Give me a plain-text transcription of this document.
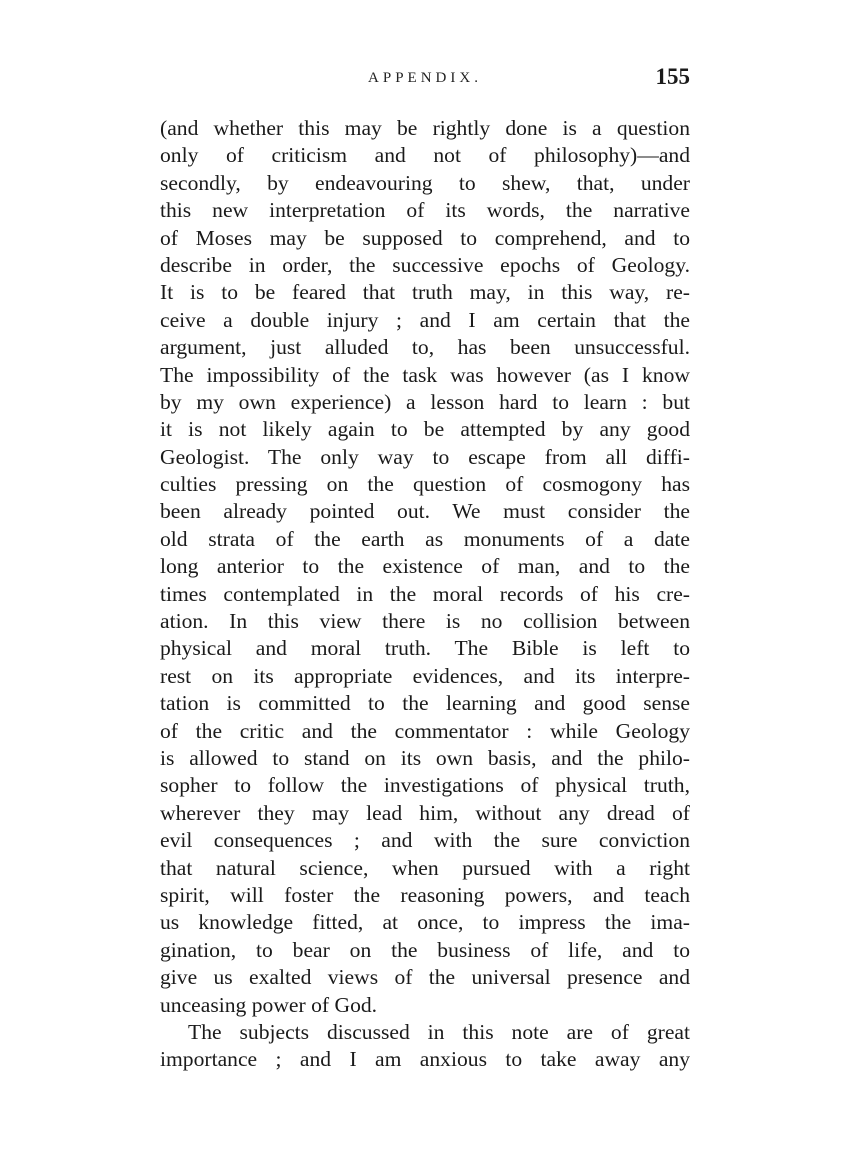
APPENDIX.	155
(and whether this may be rightly done is a question
only of criticism and not of philosophy)—and
secondly, by endeavouring to shew, that, under
this new interpretation of its words, the narrative
of Moses may be supposed to comprehend, and to
describe in order, the successive epochs of Geology.
It is to be feared that truth may, in this way, re-
ceive a double injury ; and I am certain that the
argument, just alluded to, has been unsuccessful.
The impossibility of the task was however (as I know
by my own experience) a lesson hard to learn : but
it is not likely again to be attempted by any good
Geologist. The only way to escape from all diffi-
culties pressing on the question of cosmogony has
been already pointed out. We must consider the
old strata of the earth as monuments of a date
long anterior to the existence of man, and to the
times contemplated in the moral records of his cre-
ation. In this view there is no collision between
physical and moral truth. The Bible is left to
rest on its appropriate evidences, and its interpre-
tation is committed to the learning and good sense
of the critic and the commentator : while Geology
is allowed to stand on its own basis, and the philo-
sopher to follow the investigations of physical truth,
wherever they may lead him, without any dread of
evil consequences ; and with the sure conviction
that natural science, when pursued with a right
spirit, will foster the reasoning powers, and teach
us knowledge fitted, at once, to impress the ima-
gination, to bear on the business of life, and to
give us exalted views of the universal presence and
unceasing power of God.
The subjects discussed in this note are of great
importance ; and I am anxious to take away any
